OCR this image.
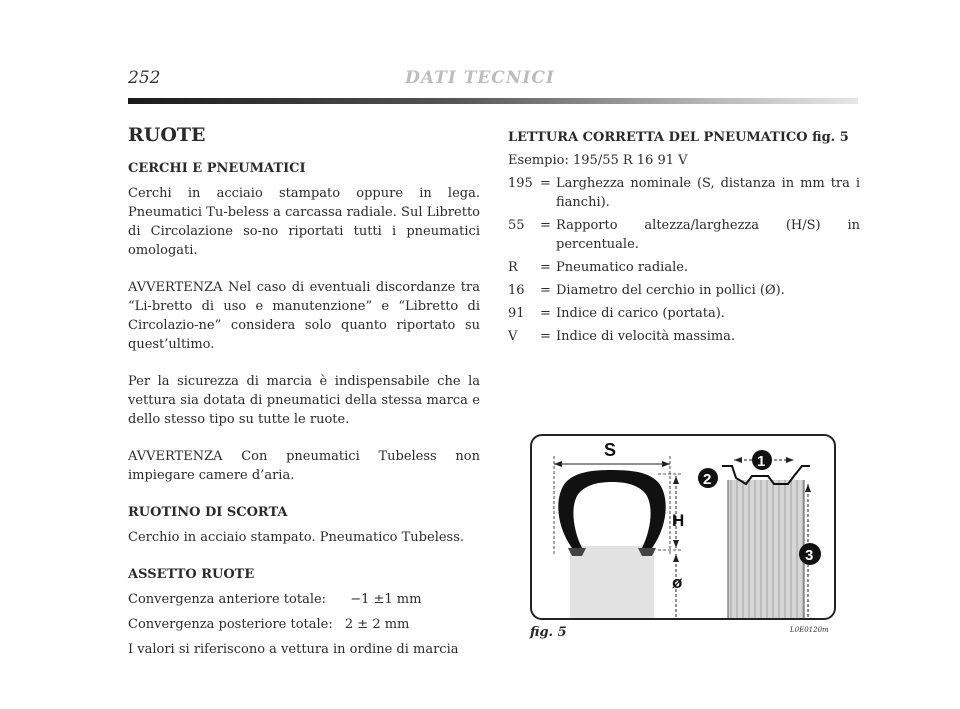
252	DATI TECNICI
RUOTE
CERCHI E PNEUMATICI

Cerchi in acciaio stampato oppure in lega. Pneumatici Tu-beless a carcassa radiale. Sul Libretto di Circolazione so-no riportati tutti i pneumatici omologati.

AVVERTENZA Nel caso di eventuali discordanze tra “Li-bretto di uso e manutenzione” e “Libretto di Circolazio-ne” considera solo quanto riportato su quest’ultimo.

Per la sicurezza di marcia è indispensabile che la vettura sia dotata di pneumatici della stessa marca e dello stesso tipo su tutte le ruote.

AVVERTENZA Con pneumatici Tubeless non impiegare camere d’aria.

RUOTINO DI SCORTA

Cerchio in acciaio stampato. Pneumatico Tubeless.

ASSETTO RUOTE
Convergenza anteriore totale: −1 ±1 mm
Convergenza posteriore totale: 2 ± 2 mm

I valori si riferiscono a vettura in ordine di marcia

LETTURA CORRETTA DEL PNEUMATICO fig. 5
Esempio: 195/55 R 16 91 V
195 = Larghezza nominale (S, distanza in mm tra i fianchi).
55	= Rapporto altezza/larghezza (H/S) in percentuale.
R	= Pneumatico radiale.
16	= Diametro del cerchio in pollici (Ø).
91	= Indice di carico (portata).
V	= Indice di velocità massima.
S
H
ø
1
2
3
fig. 5	L0E0120m
